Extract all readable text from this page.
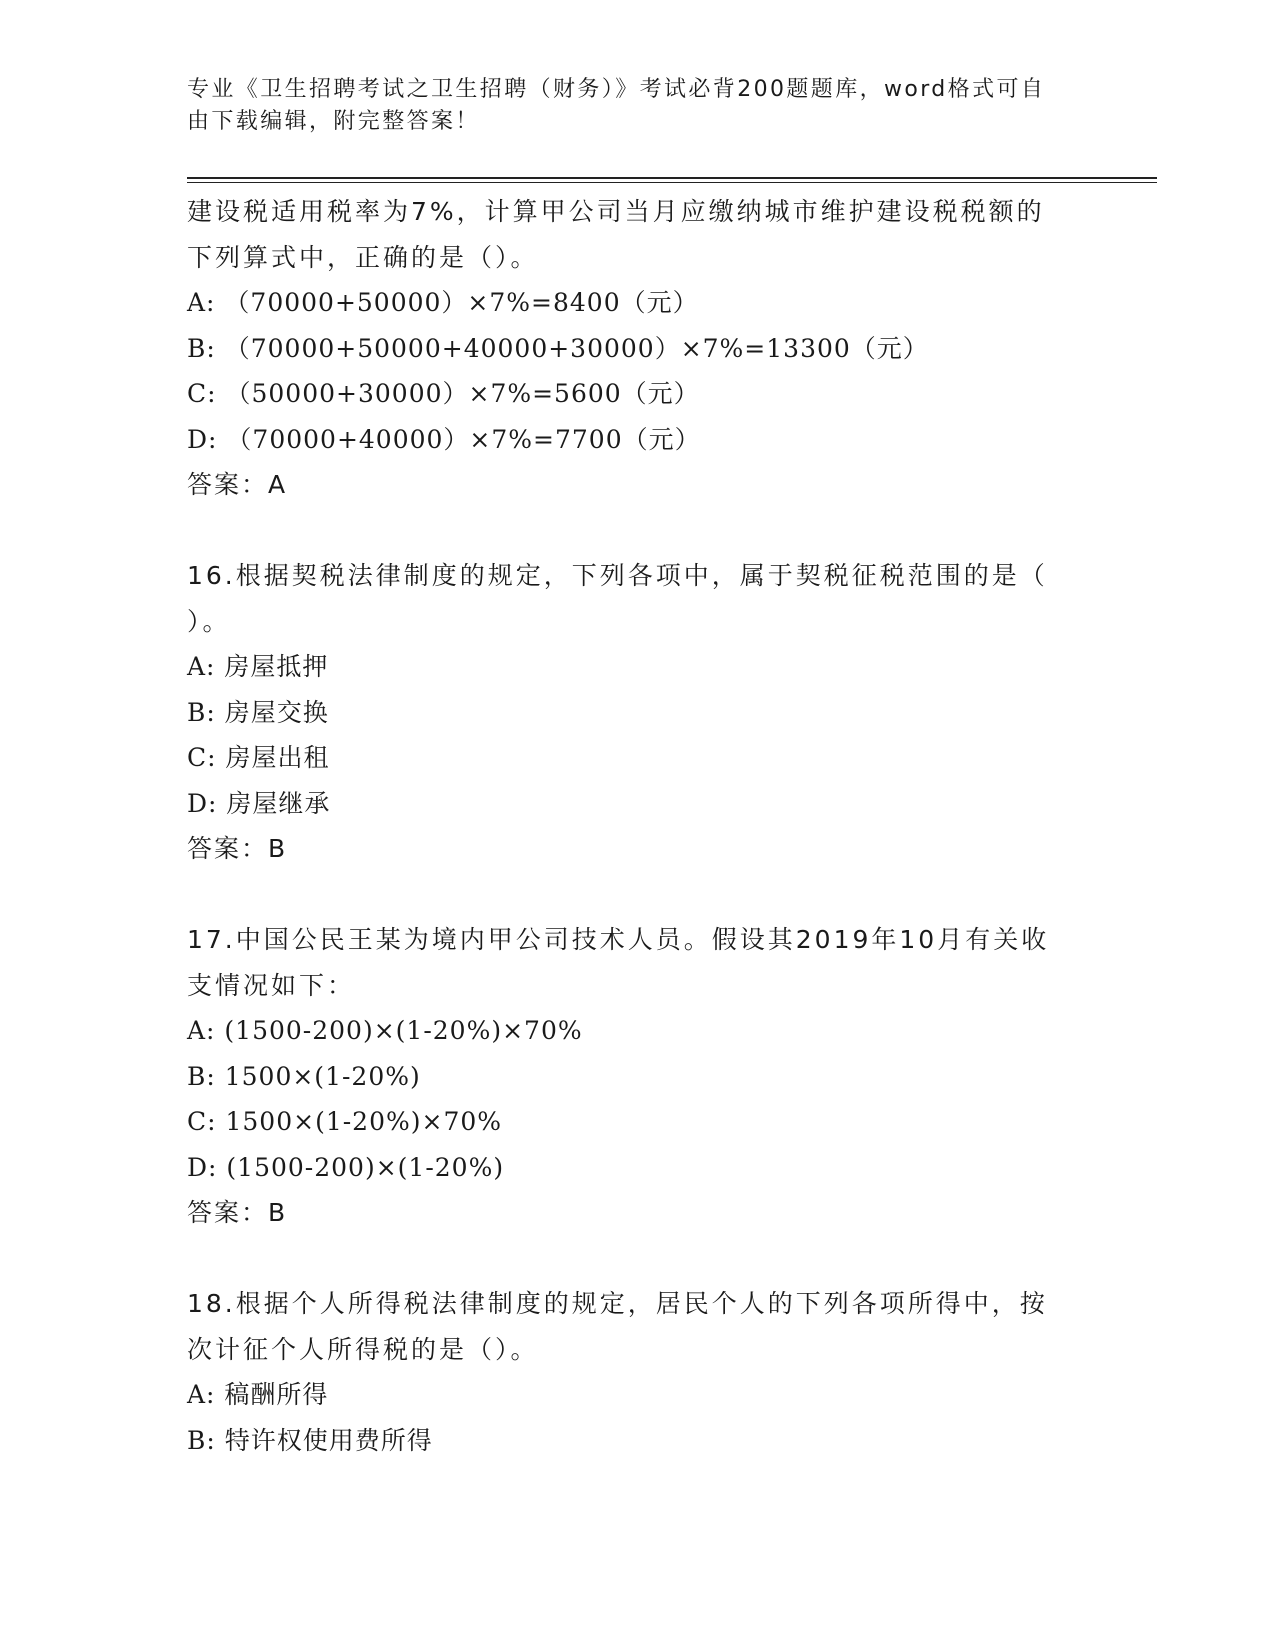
专业《卫生招聘考试之卫生招聘（财务）》考试必背200题题库，word格式可自
由下载编辑，附完整答案！
建设税适用税率为7%，计算甲公司当月应缴纳城市维护建设税税额的
下列算式中，正确的是（）。
A: （70000+50000）×7%=8400（元）
B: （70000+50000+40000+30000）×7%=13300（元）
C: （50000+30000）×7%=5600（元）
D: （70000+40000）×7%=7700（元）
答案：A
16.根据契税法律制度的规定，下列各项中，属于契税征税范围的是（
）。
A: 房屋抵押
B: 房屋交换
C: 房屋出租
D: 房屋继承
答案：B
17.中国公民王某为境内甲公司技术人员。假设其2019年10月有关收
支情况如下：
A: (1500-200)×(1-20%)×70%
B: 1500×(1-20%)
C: 1500×(1-20%)×70%
D: (1500-200)×(1-20%)
答案：B
18.根据个人所得税法律制度的规定，居民个人的下列各项所得中，按
次计征个人所得税的是（）。
A: 稿酬所得
B: 特许权使用费所得
